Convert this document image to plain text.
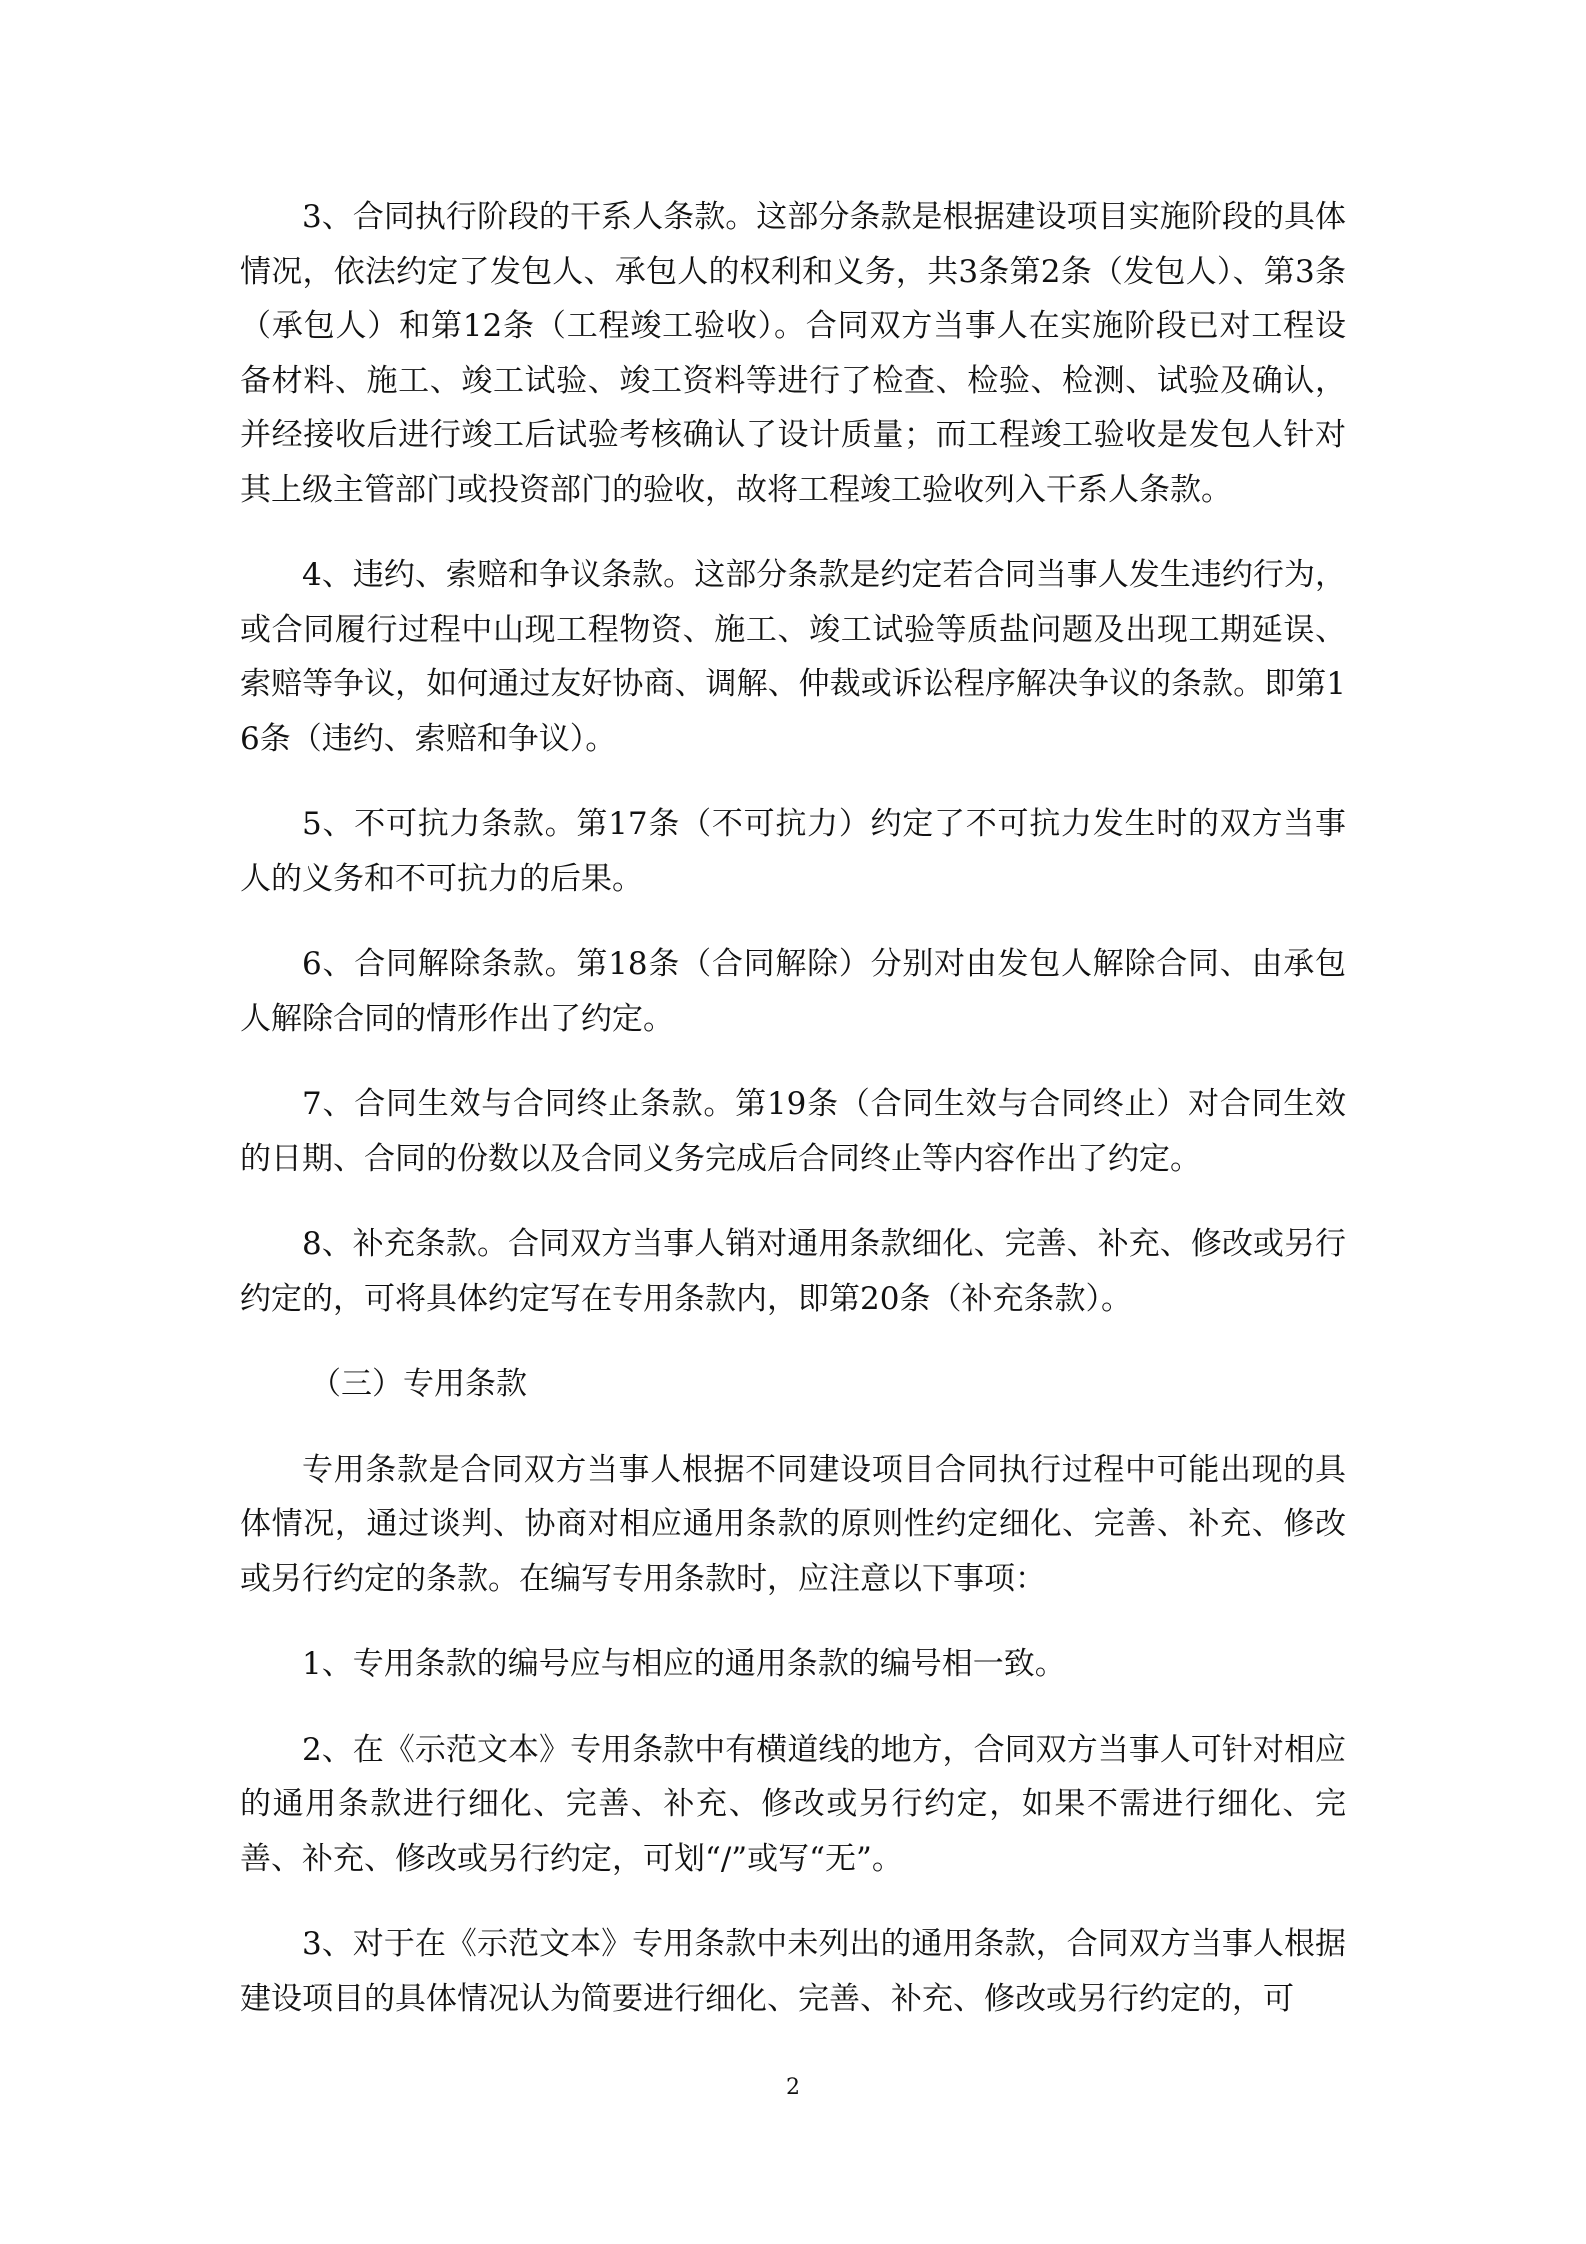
3、合同执行阶段的干系人条款。这部分条款是根据建设项目实施阶段的具体情况，依法约定了发包人、承包人的权利和义务，共3条第2条（发包人）、第3条（承包人）和第12条（工程竣工验收）。合同双方当事人在实施阶段已对工程设备材料、施工、竣工试验、竣工资料等进行了检查、检验、检测、试验及确认，并经接收后进行竣工后试验考核确认了设计质量；而工程竣工验收是发包人针对其上级主管部门或投资部门的验收，故将工程竣工验收列入干系人条款。

4、违约、索赔和争议条款。这部分条款是约定若合同当事人发生违约行为，或合同履行过程中山现工程物资、施工、竣工试验等质盐问题及出现工期延误、索赔等争议，如何通过友好协商、调解、仲裁或诉讼程序解决争议的条款。即第16条（违约、索赔和争议）。

5、不可抗力条款。第17条（不可抗力）约定了不可抗力发生时的双方当事人的义务和不可抗力的后果。

6、合同解除条款。第18条（合同解除）分别对由发包人解除合同、由承包人解除合同的情形作出了约定。

7、合同生效与合同终止条款。第19条（合同生效与合同终止）对合同生效的日期、合同的份数以及合同义务完成后合同终止等内容作出了约定。

8、补充条款。合同双方当事人销对通用条款细化、完善、补充、修改或另行约定的，可将具体约定写在专用条款内，即第20条（补充条款）。

（三）专用条款

专用条款是合同双方当事人根据不同建设项目合同执行过程中可能出现的具体情况，通过谈判、协商对相应通用条款的原则性约定细化、完善、补充、修改或另行约定的条款。在编写专用条款时，应注意以下事项：

1、专用条款的编号应与相应的通用条款的编号相一致。

2、在《示范文本》专用条款中有横道线的地方，合同双方当事人可针对相应的通用条款进行细化、完善、补充、修改或另行约定，如果不需进行细化、完善、补充、修改或另行约定，可划“/”或写“无”。

3、对于在《示范文本》专用条款中未列出的通用条款，合同双方当事人根据建设项目的具体情况认为简要进行细化、完善、补充、修改或另行约定的，可

2
